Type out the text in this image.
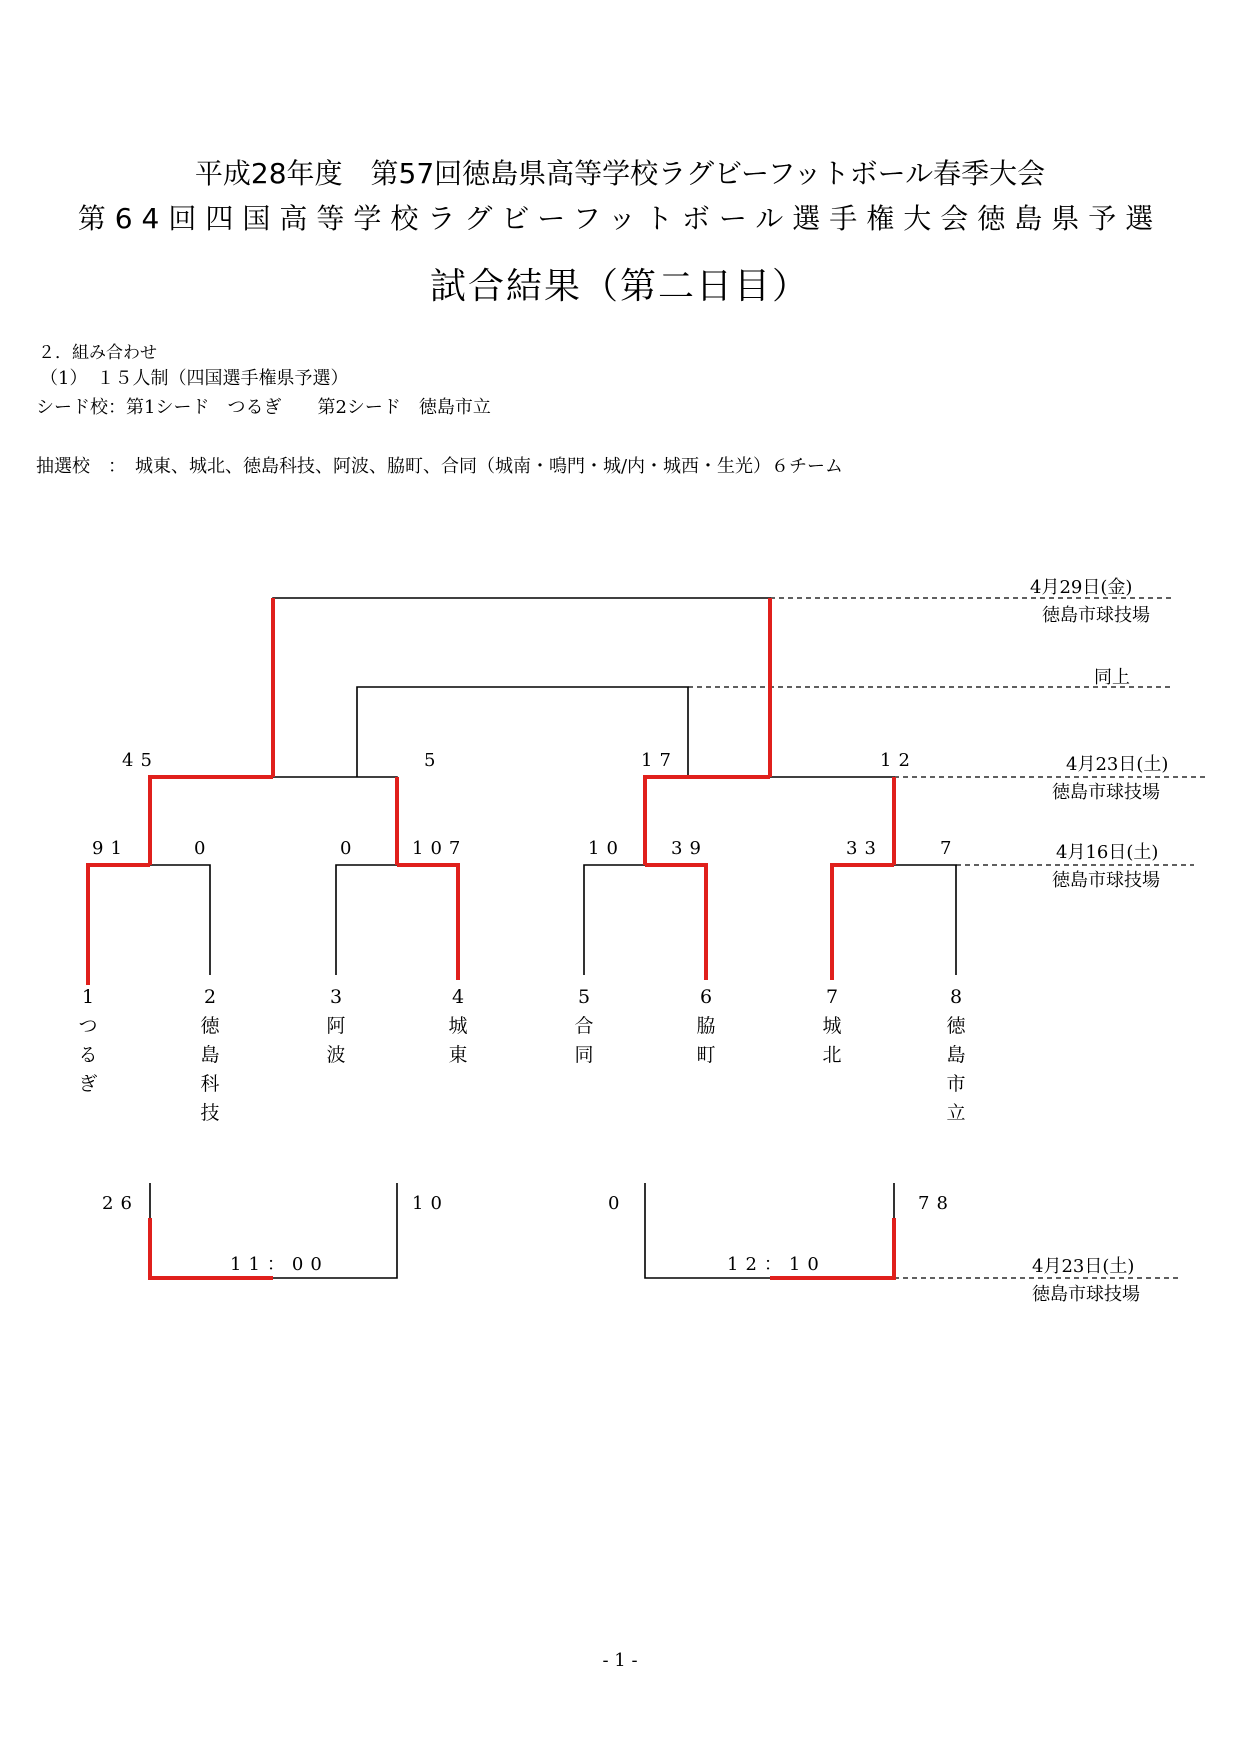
平成28年度　第57回徳島県高等学校ラグビーフットボール春季大会
第64回四国高等学校ラグビーフットボール選手権大会徳島県予選
試合結果（第二日目）
２．組み合わせ
（1）　１５人制（四国選手権県予選）
シード校：第1シード　つるぎ　　第2シード　徳島市立
抽選校　：　城東、城北、徳島科技、阿波、脇町、合同（城南・鳴門・城/内・城西・生光）６チーム
45	5	17	12
91	0	0	107	10	39	33	7
1
つるぎ
2
徳島科技
3
阿波
4
城東
5
合同
6
脇町
7
城北
8
徳島市立
26	10	0	78
11：00	12：10
4月29日(金)
徳島市球技場
同上
4月23日(土)
徳島市球技場
4月16日(土)
徳島市球技場
4月23日(土)
徳島市球技場
- 1 -
